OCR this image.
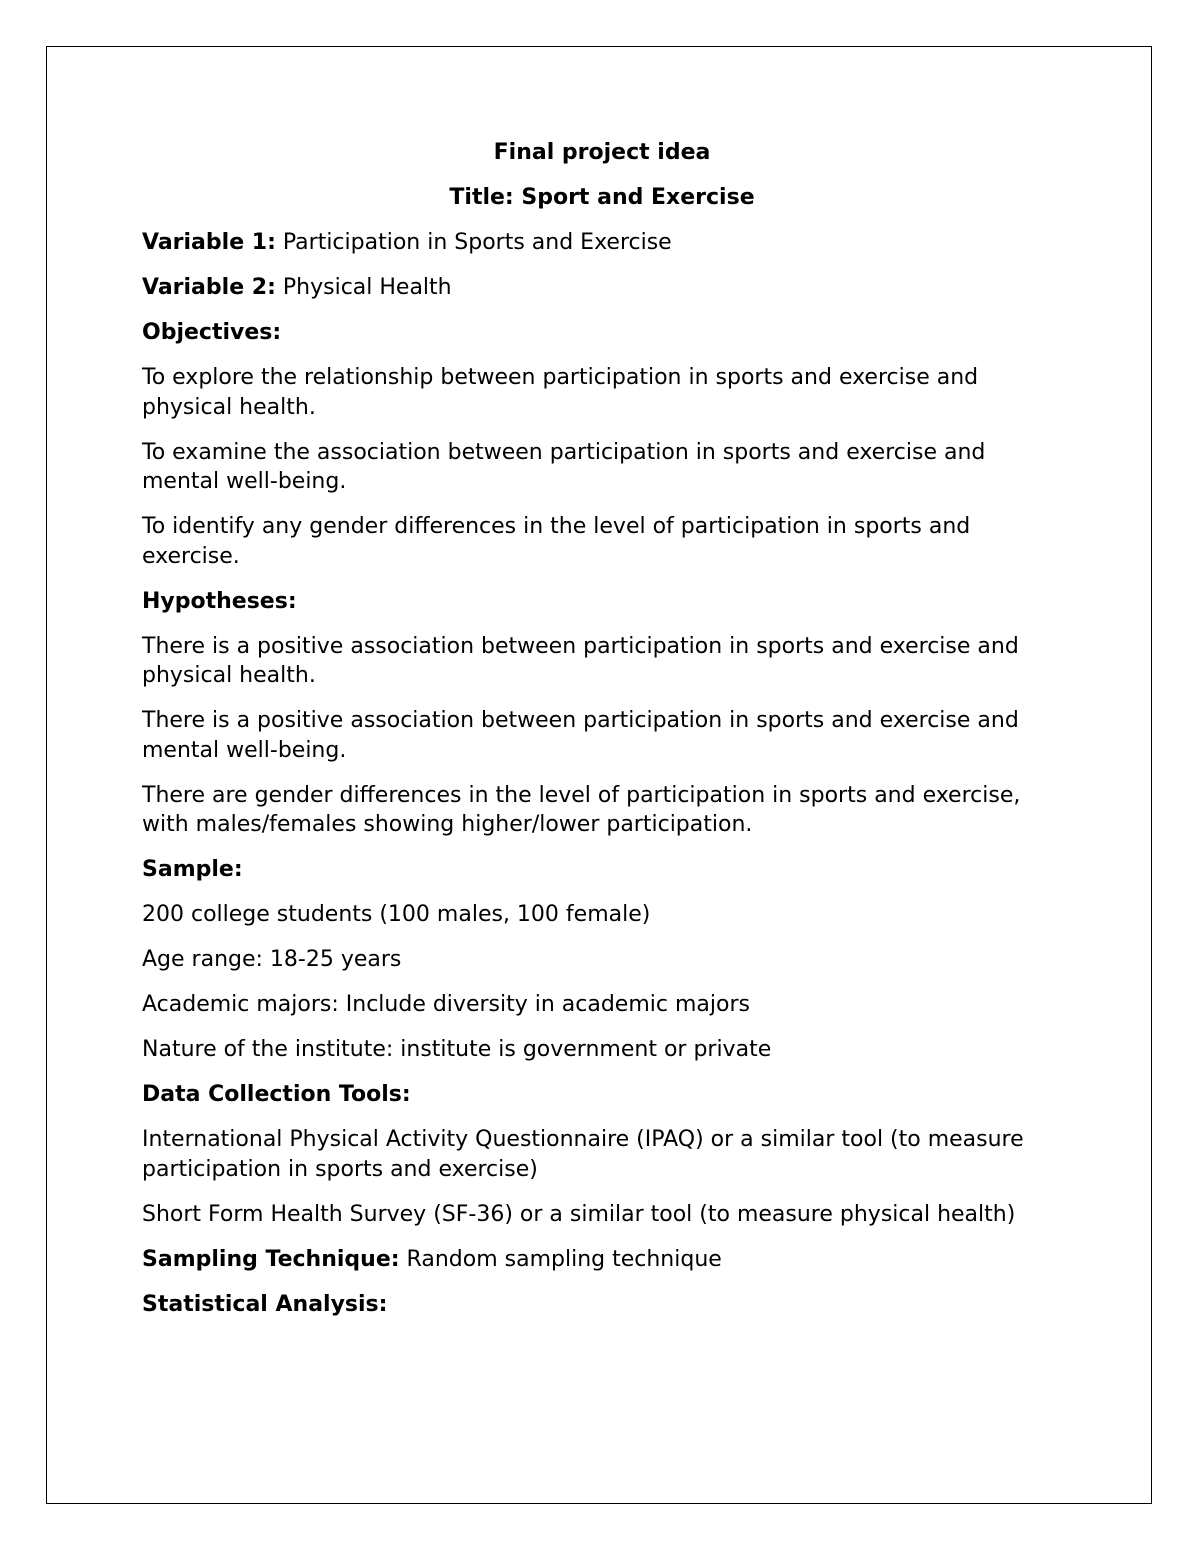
Final project idea

Title: Sport and Exercise

Variable 1: Participation in Sports and Exercise

Variable 2: Physical Health

Objectives:

To explore the relationship between participation in sports and exercise and physical health.

To examine the association between participation in sports and exercise and mental well-being.

To identify any gender differences in the level of participation in sports and exercise.

Hypotheses:

There is a positive association between participation in sports and exercise and physical health.

There is a positive association between participation in sports and exercise and mental well-being.

There are gender differences in the level of participation in sports and exercise, with males/females showing higher/lower participation.

Sample:

200 college students (100 males, 100 female)

Age range: 18-25 years

Academic majors: Include diversity in academic majors

Nature of the institute: institute is government or private

Data Collection Tools:

International Physical Activity Questionnaire (IPAQ) or a similar tool (to measure participation in sports and exercise)

Short Form Health Survey (SF-36) or a similar tool (to measure physical health)

Sampling Technique: Random sampling technique

Statistical Analysis:
